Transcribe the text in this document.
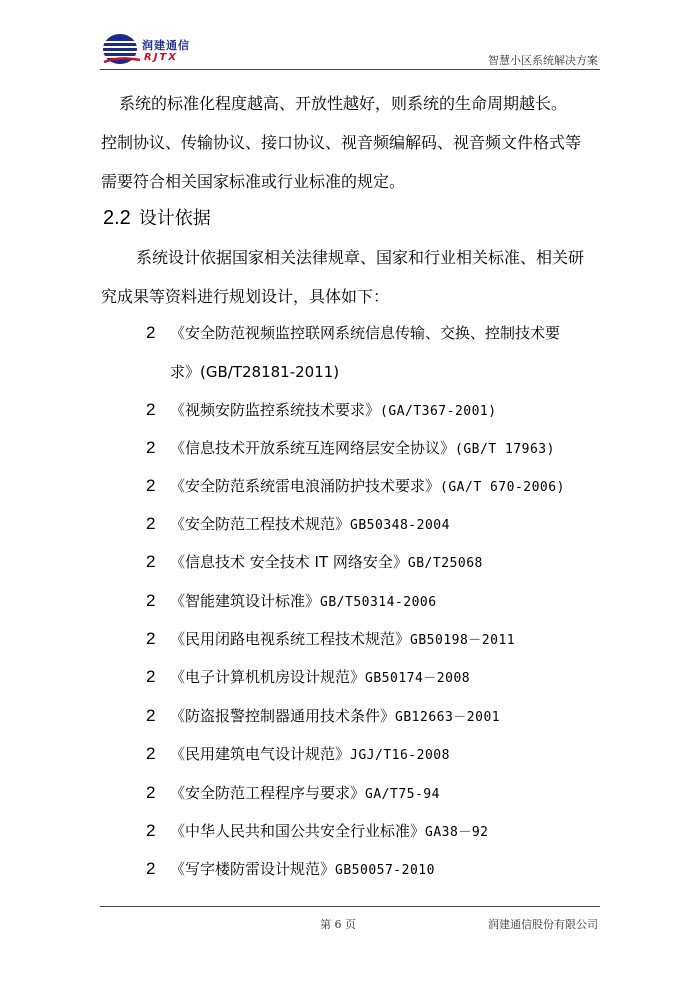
润建通信
RJTX	智慧小区系统解决方案
系统的标准化程度越高、开放性越好，则系统的生命周期越长。
控制协议、传输协议、接口协议、视音频编解码、视音频文件格式等
需要符合相关国家标准或行业标准的规定。
2.2 设计依据
系统设计依据国家相关法律规章、国家和行业相关标准、相关研
究成果等资料进行规划设计，具体如下：
2 《安全防范视频监控联网系统信息传输、交换、控制技术要
求》(GB/T28181-2011)
2 《视频安防监控系统技术要求》(GA/T367-2001)
2 《信息技术开放系统互连网络层安全协议》(GB/T 17963)
2 《安全防范系统雷电浪涌防护技术要求》(GA/T 670-2006)
2 《安全防范工程技术规范》GB50348-2004
2 《信息技术 安全技术 IT 网络安全》GB/T25068
2 《智能建筑设计标准》GB/T50314-2006
2 《民用闭路电视系统工程技术规范》GB50198－2011
2 《电子计算机机房设计规范》GB50174－2008
2 《防盗报警控制器通用技术条件》GB12663－2001
2 《民用建筑电气设计规范》JGJ/T16-2008
2 《安全防范工程程序与要求》GA/T75-94
2 《中华人民共和国公共安全行业标准》GA38－92
2 《写字楼防雷设计规范》GB50057-2010
第 6 页	润建通信股份有限公司
